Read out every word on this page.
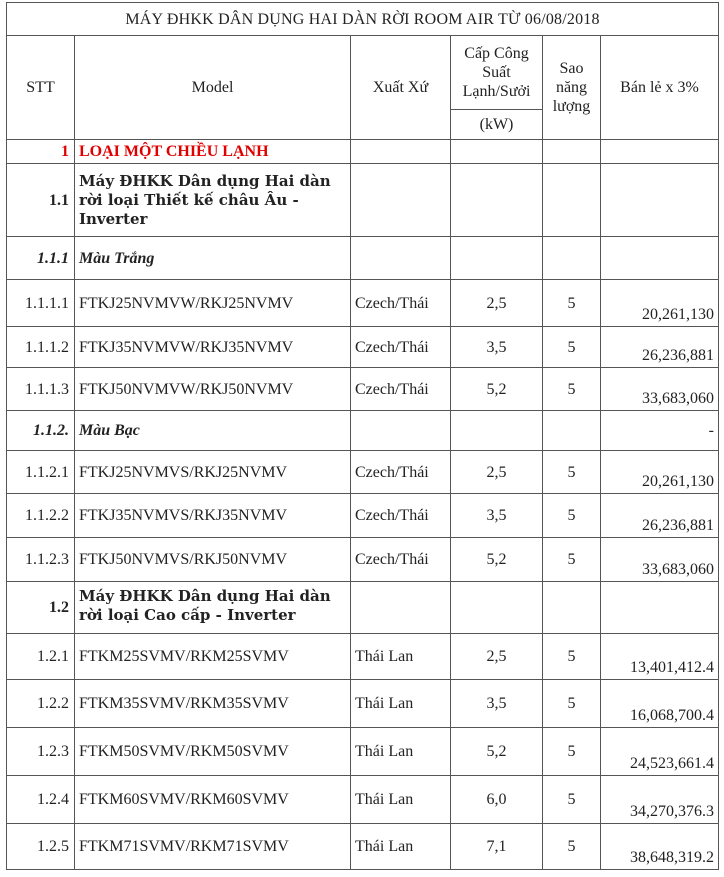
MÁY ĐHKK DÂN DỤNG HAI DÀN RỜI ROOM AIR TỪ 06/08/2018					
STT	Model	Xuất Xứ	Cấp Công Suất Lạnh/Sưởi	Sao năng lượng	Bán lẻ x 3%
			(kW)		
1	LOẠI MỘT CHIỀU LẠNH				
1.1	Máy ĐHKK Dân dụng Hai dàn rời loại Thiết kế châu Âu - Inverter				
1.1.1	Màu Trắng				
1.1.1.1	FTKJ25NVMVW/RKJ25NVMV	Czech/Thái	2,5	5	20,261,130
1.1.1.2	FTKJ35NVMVW/RKJ35NVMV	Czech/Thái	3,5	5	26,236,881
1.1.1.3	FTKJ50NVMVW/RKJ50NVMV	Czech/Thái	5,2	5	33,683,060
1.1.2.	Màu Bạc				-
1.1.2.1	FTKJ25NVMVS/RKJ25NVMV	Czech/Thái	2,5	5	20,261,130
1.1.2.2	FTKJ35NVMVS/RKJ35NVMV	Czech/Thái	3,5	5	26,236,881
1.1.2.3	FTKJ50NVMVS/RKJ50NVMV	Czech/Thái	5,2	5	33,683,060
1.2	Máy ĐHKK Dân dụng Hai dàn rời loại Cao cấp - Inverter				
1.2.1	FTKM25SVMV/RKM25SVMV	Thái Lan	2,5	5	13,401,412.4
1.2.2	FTKM35SVMV/RKM35SVMV	Thái Lan	3,5	5	16,068,700.4
1.2.3	FTKM50SVMV/RKM50SVMV	Thái Lan	5,2	5	24,523,661.4
1.2.4	FTKM60SVMV/RKM60SVMV	Thái Lan	6,0	5	34,270,376.3
1.2.5	FTKM71SVMV/RKM71SVMV	Thái Lan	7,1	5	38,648,319.2
